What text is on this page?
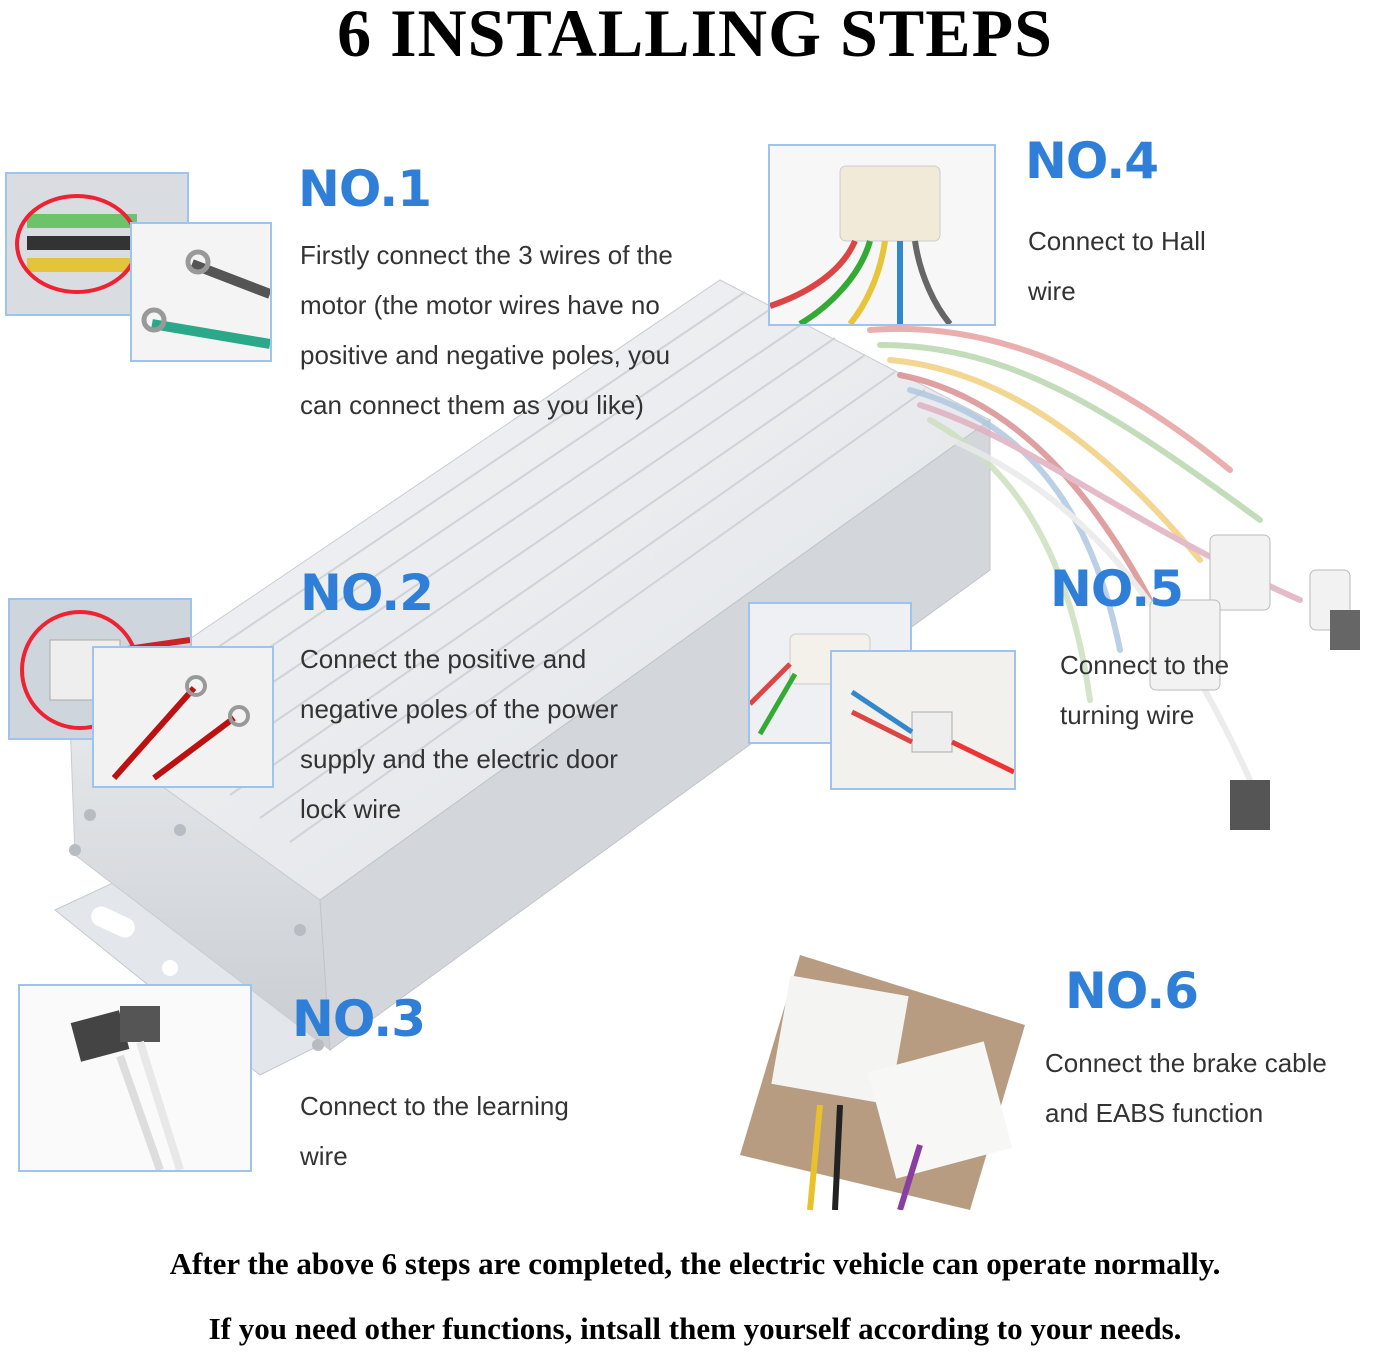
6 INSTALLING STEPS
NO.1
Firstly connect the 3 wires of the
motor (the motor wires have no
positive and negative poles, you
can connect them as you like)
NO.2
Connect the positive and
negative poles of the power
supply and the electric door
lock wire
NO.3
Connect to the learning
wire
NO.4
Connect to Hall
wire
NO.5
Connect to the
turning wire
NO.6
Connect the brake cable
and EABS function
After the above 6 steps are completed, the electric vehicle can operate normally.
If you need other functions, intsall them yourself according to your needs.
